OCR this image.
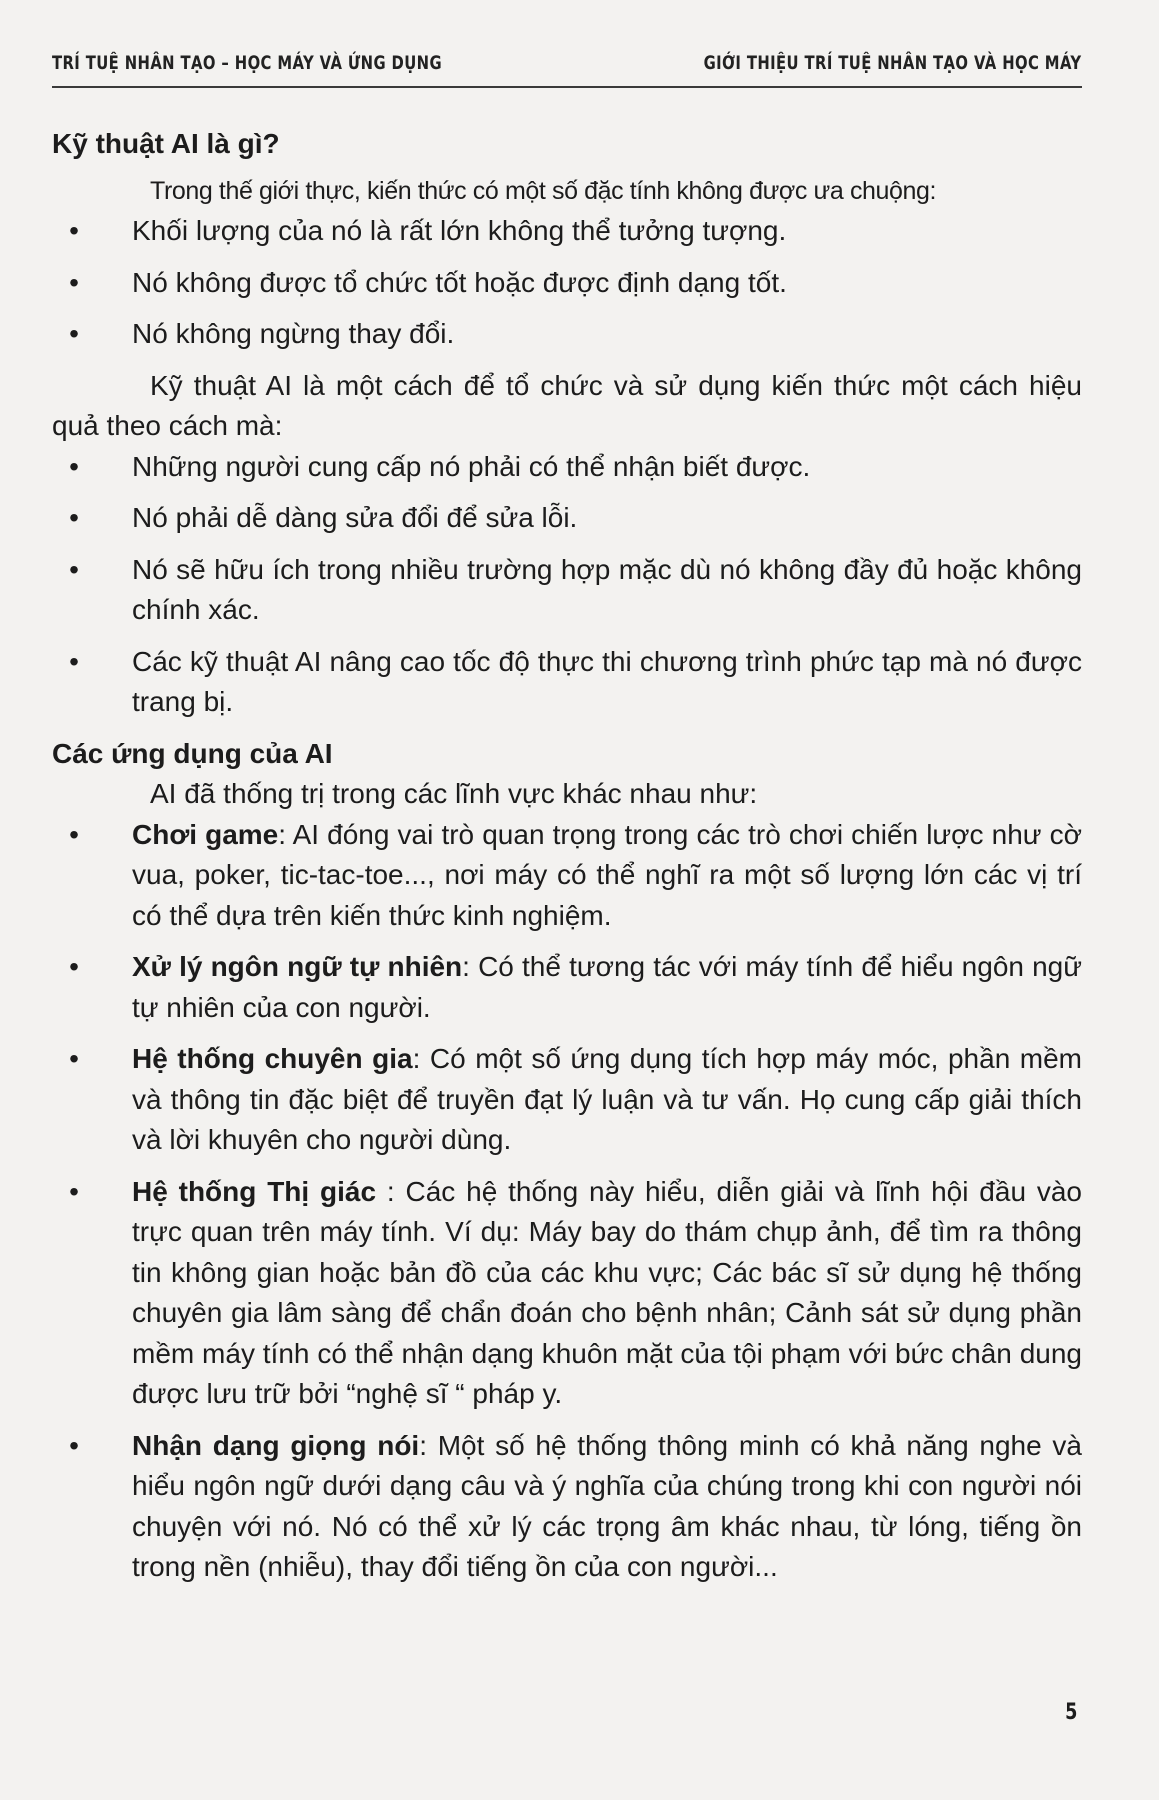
TRÍ TUỆ NHÂN TẠO – HỌC MÁY VÀ ỨNG DỤNG	GIỚI THIỆU TRÍ TUỆ NHÂN TẠO VÀ HỌC MÁY

Kỹ thuật AI là gì?

Trong thế giới thực, kiến thức có một số đặc tính không được ưa chuộng:

• Khối lượng của nó là rất lớn không thể tưởng tượng.
• Nó không được tổ chức tốt hoặc được định dạng tốt.
• Nó không ngừng thay đổi.

Kỹ thuật AI là một cách để tổ chức và sử dụng kiến thức một cách hiệu quả theo cách mà:

• Những người cung cấp nó phải có thể nhận biết được.
• Nó phải dễ dàng sửa đổi để sửa lỗi.
• Nó sẽ hữu ích trong nhiều trường hợp mặc dù nó không đầy đủ hoặc không chính xác.
• Các kỹ thuật AI nâng cao tốc độ thực thi chương trình phức tạp mà nó được trang bị.

Các ứng dụng của AI

AI đã thống trị trong các lĩnh vực khác nhau như:

• Chơi game: AI đóng vai trò quan trọng trong các trò chơi chiến lược như cờ vua, poker, tic-tac-toe..., nơi máy có thể nghĩ ra một số lượng lớn các vị trí có thể dựa trên kiến thức kinh nghiệm.
• Xử lý ngôn ngữ tự nhiên: Có thể tương tác với máy tính để hiểu ngôn ngữ tự nhiên của con người.
• Hệ thống chuyên gia: Có một số ứng dụng tích hợp máy móc, phần mềm và thông tin đặc biệt để truyền đạt lý luận và tư vấn. Họ cung cấp giải thích và lời khuyên cho người dùng.
• Hệ thống Thị giác : Các hệ thống này hiểu, diễn giải và lĩnh hội đầu vào trực quan trên máy tính. Ví dụ: Máy bay do thám chụp ảnh, để tìm ra thông tin không gian hoặc bản đồ của các khu vực; Các bác sĩ sử dụng hệ thống chuyên gia lâm sàng để chẩn đoán cho bệnh nhân; Cảnh sát sử dụng phần mềm máy tính có thể nhận dạng khuôn mặt của tội phạm với bức chân dung được lưu trữ bởi “nghệ sĩ “ pháp y.
• Nhận dạng giọng nói: Một số hệ thống thông minh có khả năng nghe và hiểu ngôn ngữ dưới dạng câu và ý nghĩa của chúng trong khi con người nói chuyện với nó. Nó có thể xử lý các trọng âm khác nhau, từ lóng, tiếng ồn trong nền (nhiễu), thay đổi tiếng ồn của con người...
5
